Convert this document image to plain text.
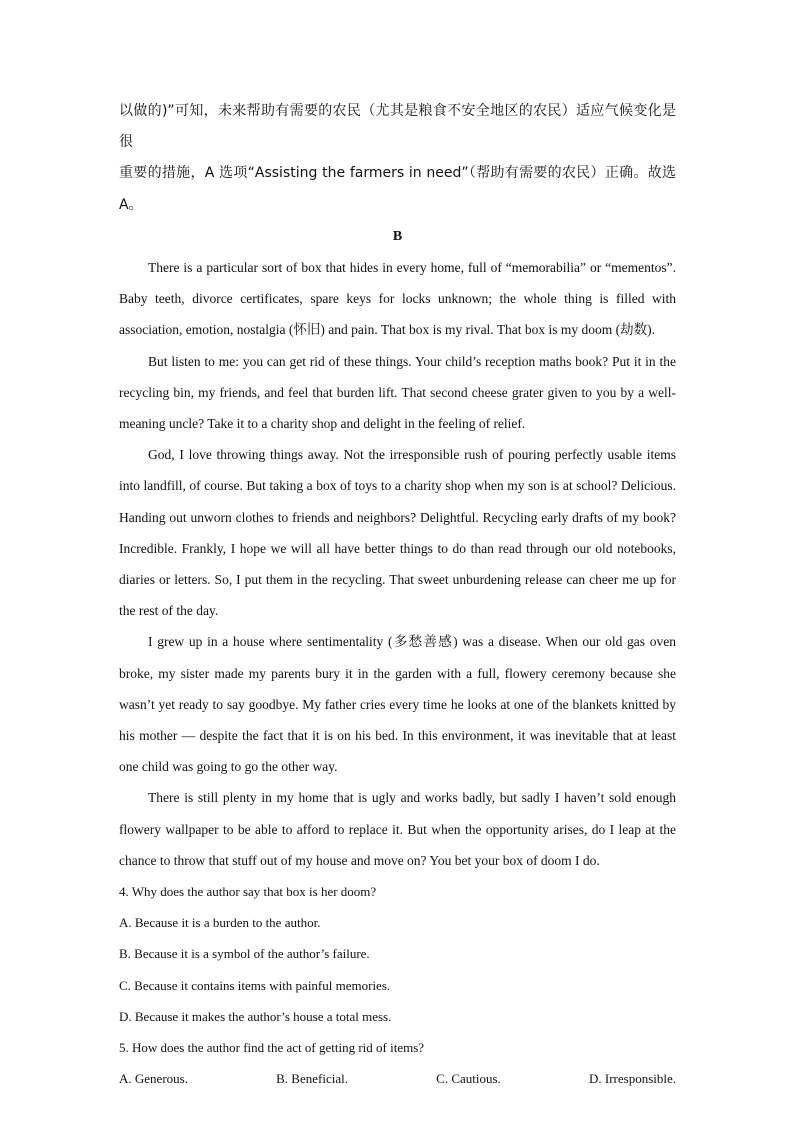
以做的)”可知，未来帮助有需要的农民（尤其是粮食不安全地区的农民）适应气候变化是很

重要的措施，A 选项“Assisting the farmers in need”（帮助有需要的农民）正确。故选 A。

B

There is a particular sort of box that hides in every home, full of “memorabilia” or “mementos”. Baby teeth, divorce certificates, spare keys for locks unknown; the whole thing is filled with association, emotion, nostalgia (怀旧) and pain. That box is my rival. That box is my doom (劫数).

But listen to me: you can get rid of these things. Your child’s reception maths book? Put it in the recycling bin, my friends, and feel that burden lift. That second cheese grater given to you by a well-meaning uncle? Take it to a charity shop and delight in the feeling of relief.

God, I love throwing things away. Not the irresponsible rush of pouring perfectly usable items into landfill, of course. But taking a box of toys to a charity shop when my son is at school? Delicious. Handing out unworn clothes to friends and neighbors? Delightful. Recycling early drafts of my book? Incredible. Frankly, I hope we will all have better things to do than read through our old notebooks, diaries or letters. So, I put them in the recycling. That sweet unburdening release can cheer me up for the rest of the day.

I grew up in a house where sentimentality (多愁善感) was a disease. When our old gas oven broke, my sister made my parents bury it in the garden with a full, flowery ceremony because she wasn’t yet ready to say goodbye. My father cries every time he looks at one of the blankets knitted by his mother — despite the fact that it is on his bed. In this environment, it was inevitable that at least one child was going to go the other way.

There is still plenty in my home that is ugly and works badly, but sadly I haven’t sold enough flowery wallpaper to be able to afford to replace it. But when the opportunity arises, do I leap at the chance to throw that stuff out of my house and move on? You bet your box of doom I do.

4. Why does the author say that box is her doom?

A. Because it is a burden to the author.

B. Because it is a symbol of the author’s failure.

C. Because it contains items with painful memories.

D. Because it makes the author’s house a total mess.

5. How does the author find the act of getting rid of items?

A. Generous.	B. Beneficial.	C. Cautious.	D. Irresponsible.
